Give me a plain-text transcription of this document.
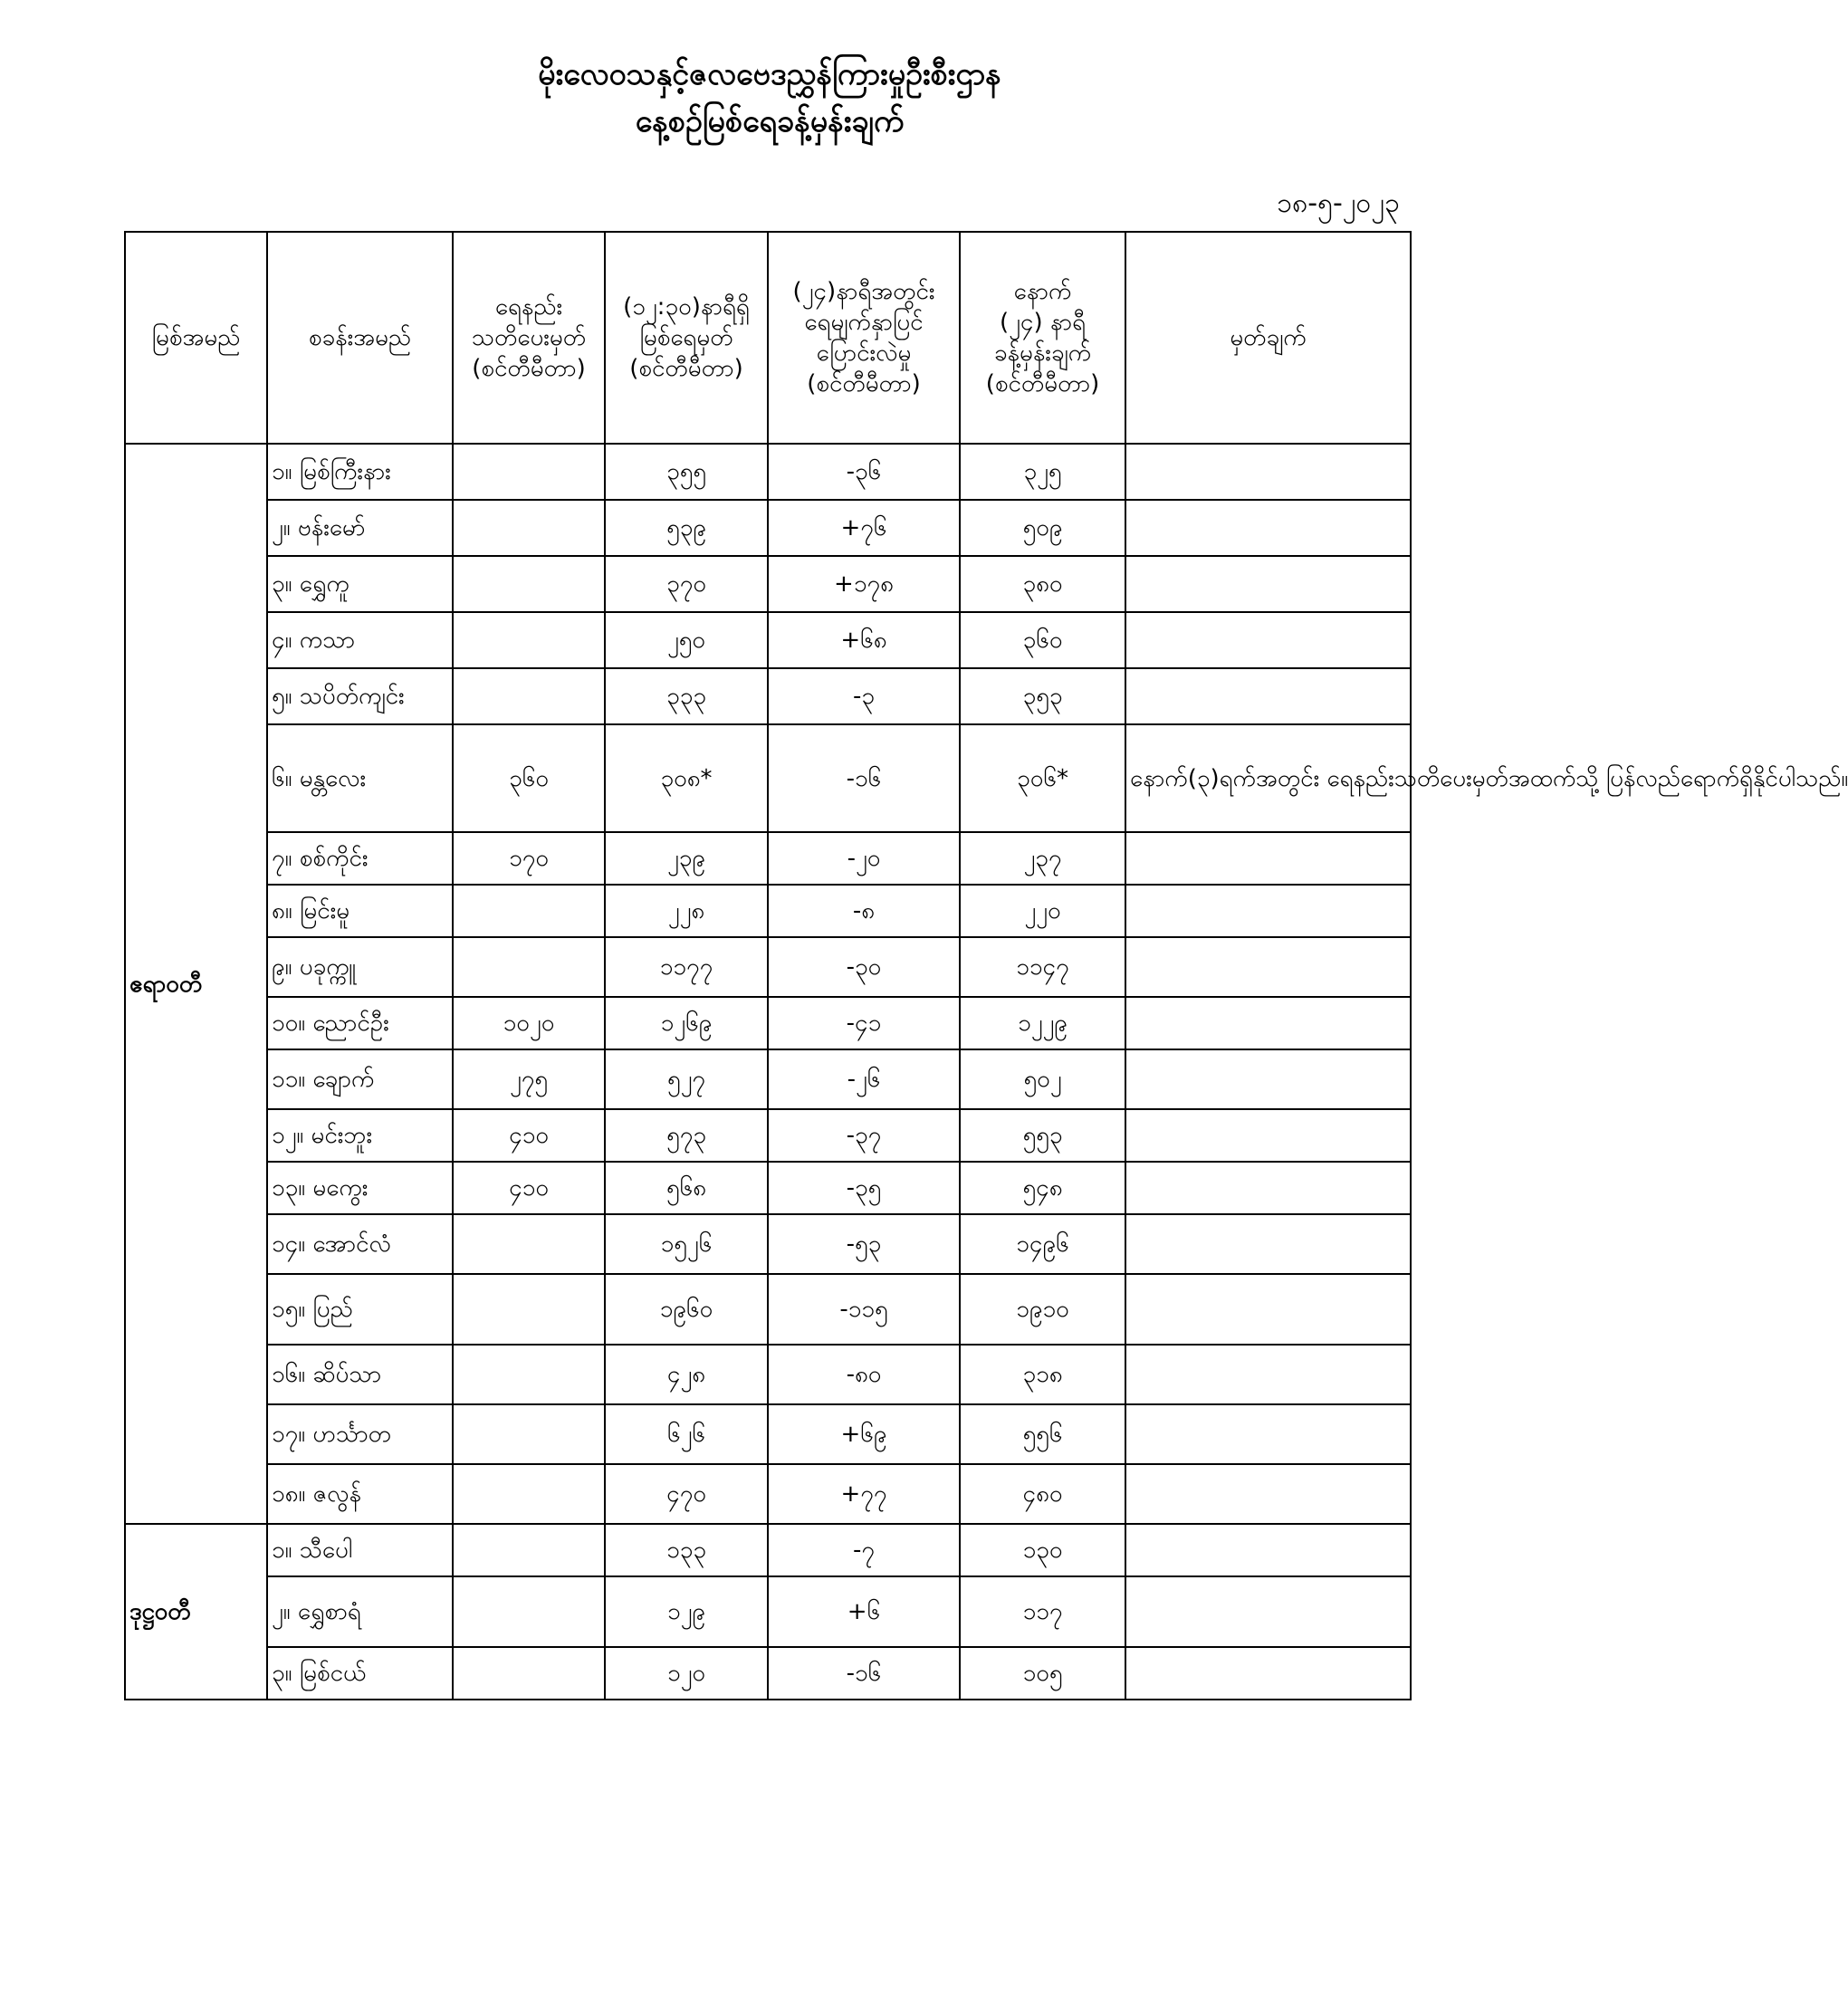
မိုးလေဝသနှင့်ဇလဗေဒညွှန်ကြားမှုဦးစီးဌာန
နေ့စဉ်မြစ်ရေခန့်မှန်းချက်
၁၈-၅-၂၀၂၃
မြစ်အမည်	စခန်းအမည်	ရေနည်း
သတိပေးမှတ်
(စင်တီမီတာ)	(၁၂:၃၀)နာရီရှိ
မြစ်ရေမှတ်
(စင်တီမီတာ)	(၂၄)နာရီအတွင်း
ရေမျက်နှာပြင်
ပြောင်းလဲမှု
(စင်တီမီတာ)	နောက်
(၂၄) နာရီ
ခန့်မှန်းချက်
(စင်တီမီတာ)	မှတ်ချက်

ဧရာဝတီ	၁။ မြစ်ကြီးနား		၃၅၅	-၃၆	၃၂၅	
	၂။ ဗန်းမော်		၅၃၉	+၇၆	၅၀၉	
	၃။ ရွှေကူ		၃၇၀	+၁၇၈	၃၈၀	
	၄။ ကသာ		၂၅၀	+၆၈	၃၆၀	
	၅။ သပိတ်ကျင်း		၃၃၃	-၃	၃၅၃	
	၆။ မန္တလေး	၃၆၀	၃၀၈*	-၁၆	၃၀၆*	နောက်(၃)ရက်အတွင်း ရေနည်းသတိပေးမှတ်အထက်သို့ ပြန်လည်ရောက်ရှိနိုင်ပါသည်။
	၇။ စစ်ကိုင်း	၁၇၀	၂၃၉	-၂၀	၂၃၇	
	၈။ မြင်းမူ		၂၂၈	-၈	၂၂၀	
	၉။ ပခုက္ကူ		၁၁၇၇	-၃၀	၁၁၄၇	
	၁၀။ ညောင်ဦး	၁၀၂၀	၁၂၆၉	-၄၁	၁၂၂၉	
	၁၁။ ချောက်	၂၇၅	၅၂၇	-၂၆	၅၀၂	
	၁၂။ မင်းဘူး	၄၁၀	၅၇၃	-၃၇	၅၅၃	
	၁၃။ မကွေး	၄၁၀	၅၆၈	-၃၅	၅၄၈	
	၁၄။ အောင်လံ		၁၅၂၆	-၅၃	၁၄၉၆	
	၁၅။ ပြည်		၁၉၆၀	-၁၁၅	၁၉၁၀	
	၁၆။ ဆိပ်သာ		၄၂၈	-၈၀	၃၁၈	
	၁၇။ ဟင်္သာတ		၆၂၆	+၆၉	၅၅၆	
	၁၈။ ဇလွန်		၄၇၀	+၇၇	၄၈၀	
ဒုဋ္ဌဝတီ	၁။ သီပေါ		၁၃၃	-၇	၁၃၀	
	၂။ ရွှေစာရံ		၁၂၉	+၆	၁၁၇	
	၃။ မြစ်ငယ်		၁၂၀	-၁၆	၁၀၅	
